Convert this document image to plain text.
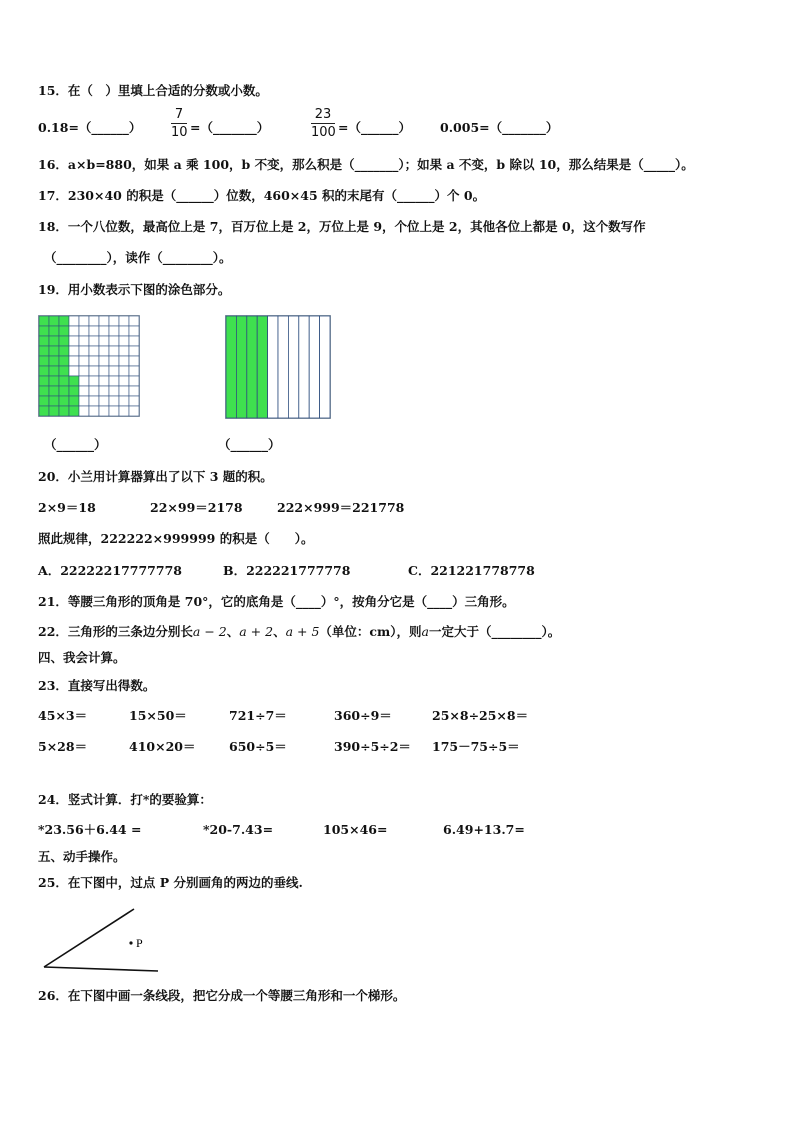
15．在（　）里填上合适的分数或小数。
0.18=（______）
7
10 =（_______）
23
100 =（______） 0.005=（_______）
16．a×b=880，如果 a 乘 100，b 不变，那么积是（_______）；如果 a 不变，b 除以 10，那么结果是（_____）。
17．230×40 的积是（______）位数，460×45 积的末尾有（______）个 0。
18．一个八位数，最高位上是 7，百万位上是 2，万位上是 9，个位上是 2，其他各位上都是 0，这个数写作
（________），读作（________）。
19．用小数表示下图的涂色部分。
（______）	（______）
20．小兰用计算器算出了以下 3 题的积。
2×9＝18	22×99＝2178	222×999＝221778
照此规律，222222×999999 的积是（　　）。
A．22222217777778	B．222221777778	C．221221778778
21．等腰三角形的顶角是 70°，它的底角是（____）°，按角分它是（____）三角形。
22．三角形的三条边分别长a − 2、a + 2、a + 5（单位：cm），则a一定大于（________）。
四、我会计算。
23．直接写出得数。
45×3＝	15×50＝	721÷7＝	360÷9＝	25×8÷25×8＝
5×28＝	410×20＝	650÷5＝	390÷5÷2＝ 175－75÷5＝
24．竖式计算．打*的要验算：
*23.56＋6.44 =	*20-7.43=	105×46=	6.49+13.7=
五、动手操作。
25．在下图中，过点 P 分别画角的两边的垂线.
P
26．在下图中画一条线段，把它分成一个等腰三角形和一个梯形。
